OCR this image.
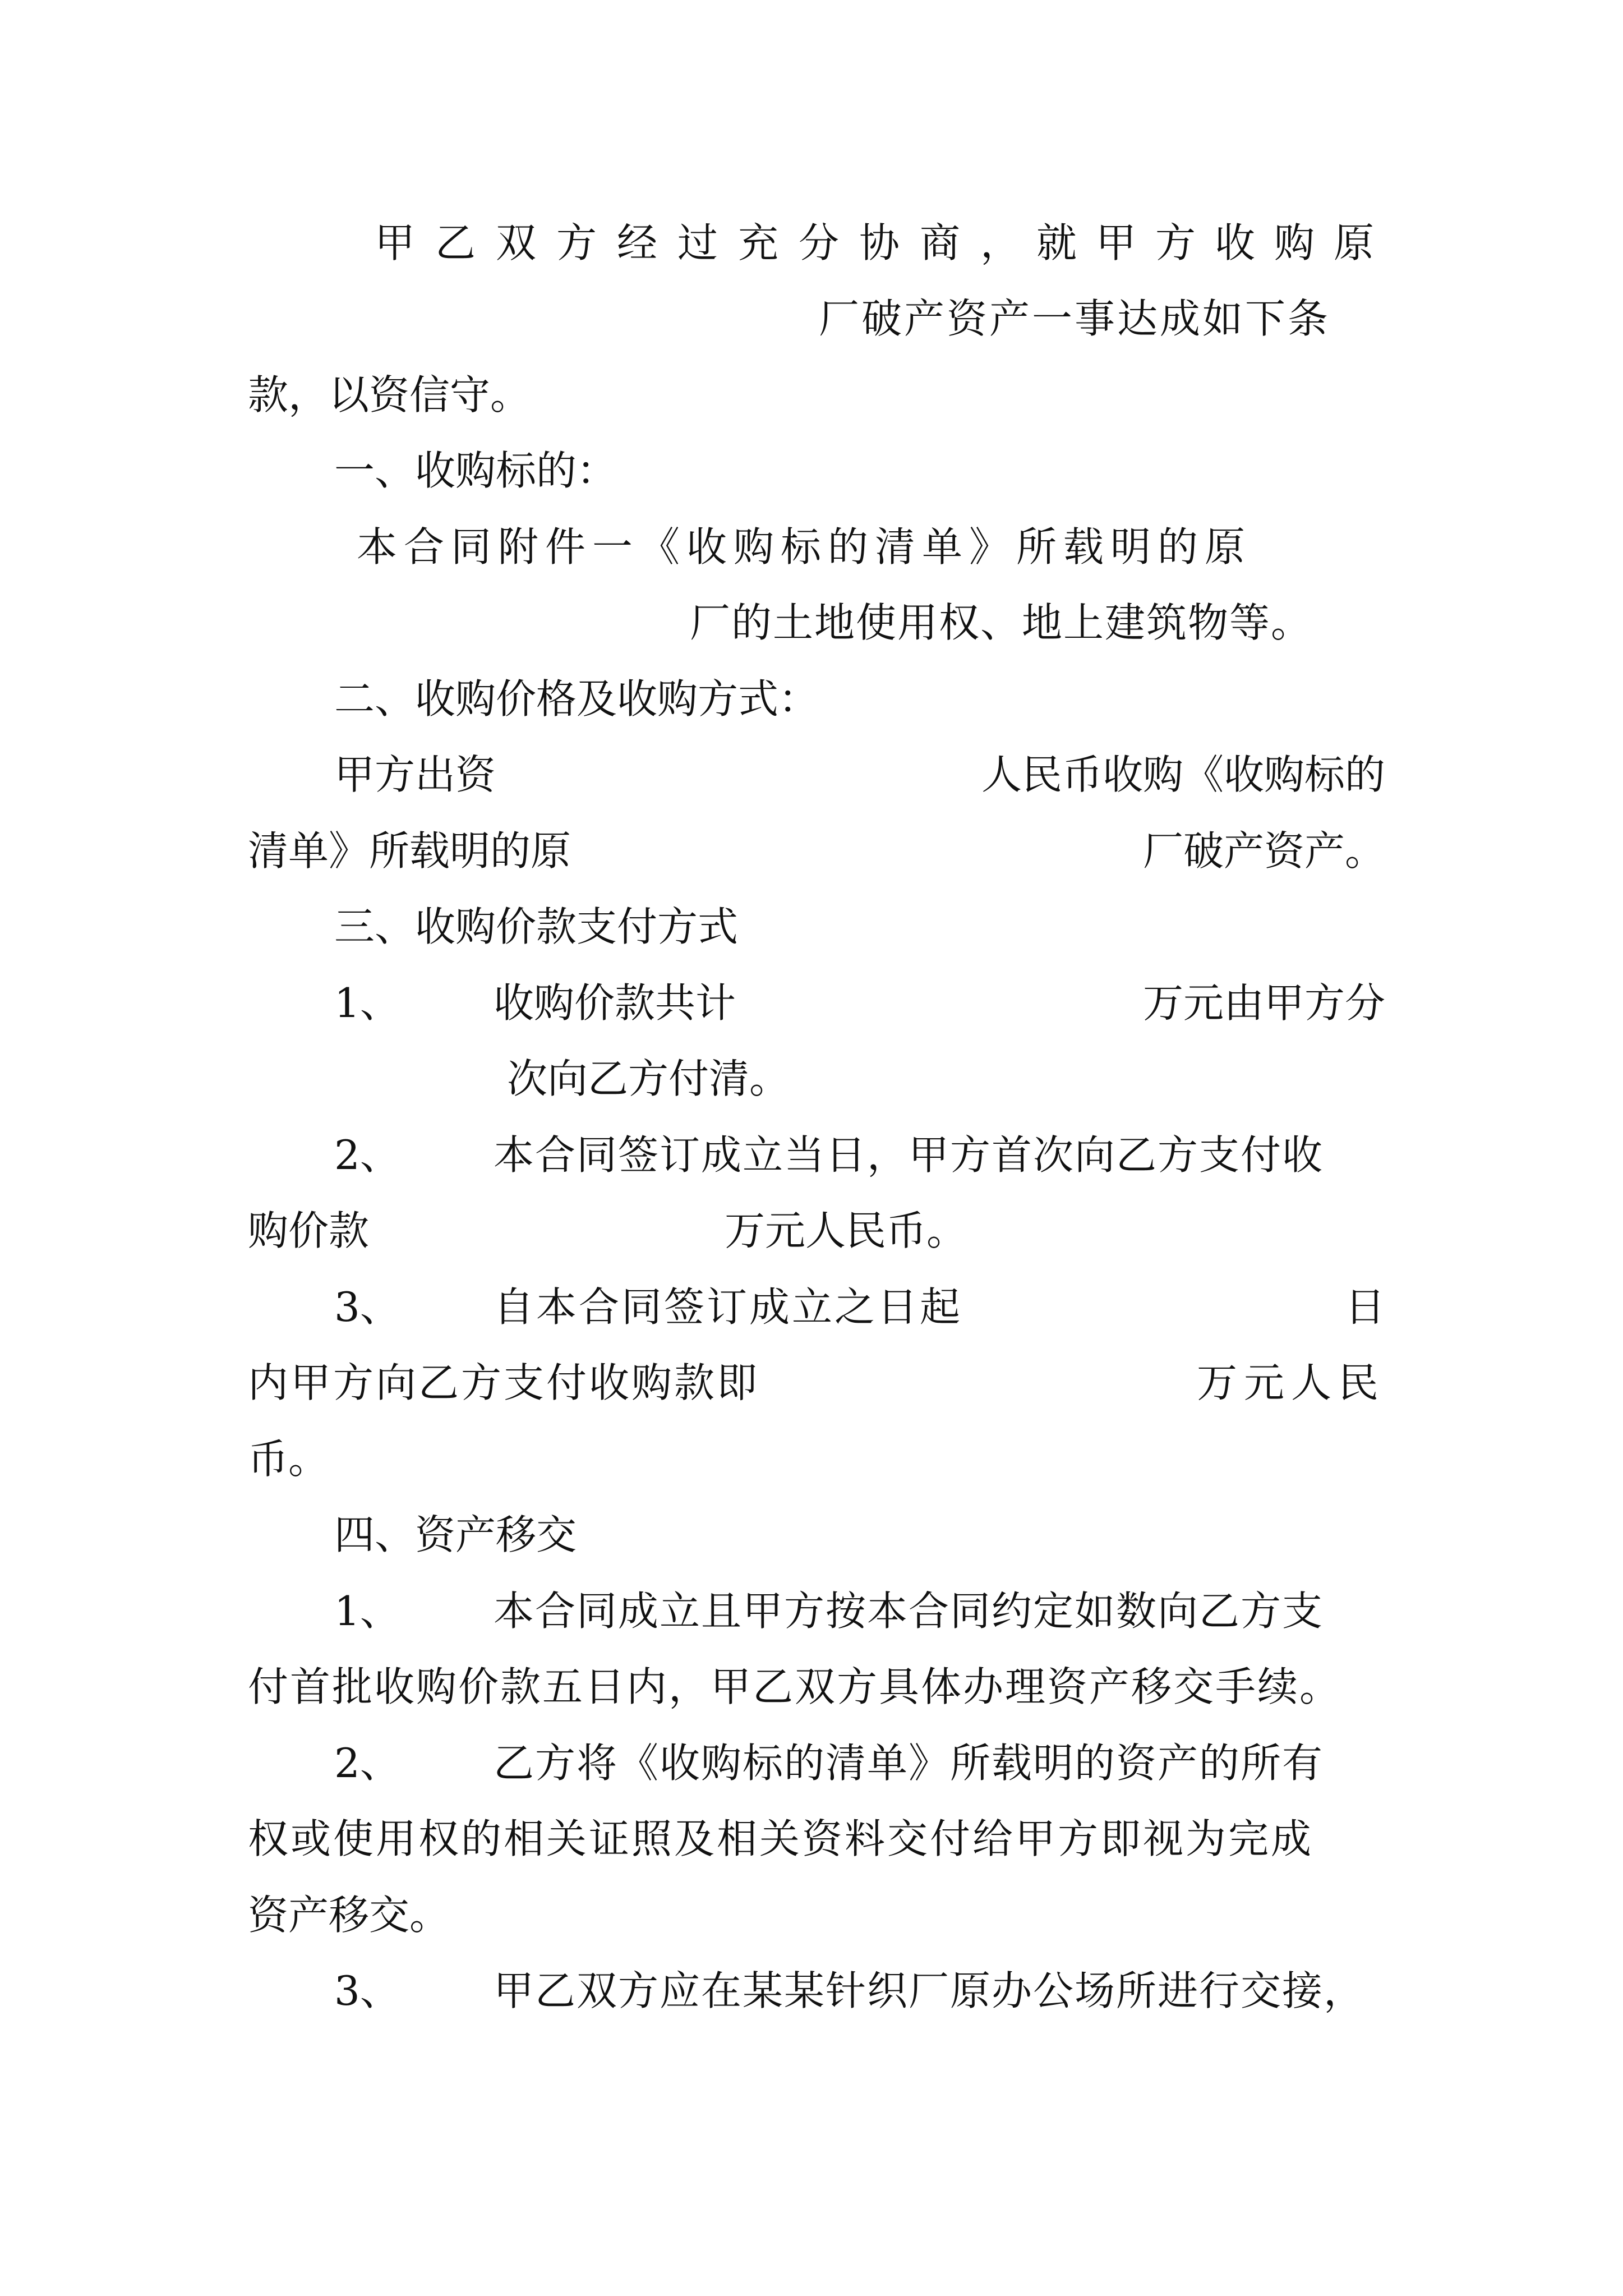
甲乙双方经过充分协商，
就甲方收购原
厂破产资产一事达成如下条
款，以资信守。
一、收购标的：
本合同附件一《收购标的清单》所载明的原
厂的土地使用权、地上建筑物等。
二、收购价格及收购方式：
甲方出资	人民币收购《收购标的
清单》所载明的原	厂破产资产。
三、收购价款支付方式
1、 收购价款共计	万元由甲方分
次向乙方付清。
2、 本合同签订成立当日，甲方首次向乙方支付收
购价款	万元人民币。
3、 自本合同签订成立之日起	日
内甲方向乙方支付收购款即	万元人民
币。
四、资产移交
1、 本合同成立且甲方按本合同约定如数向乙方支
付首批收购价款五日内，甲乙双方具体办理资产移交手续。
2、 乙方将《收购标的清单》所载明的资产的所有
权或使用权的相关证照及相关资料交付给甲方即视为完成
资产移交。
3、 甲乙双方应在某某针织厂原办公场所进行交接，
